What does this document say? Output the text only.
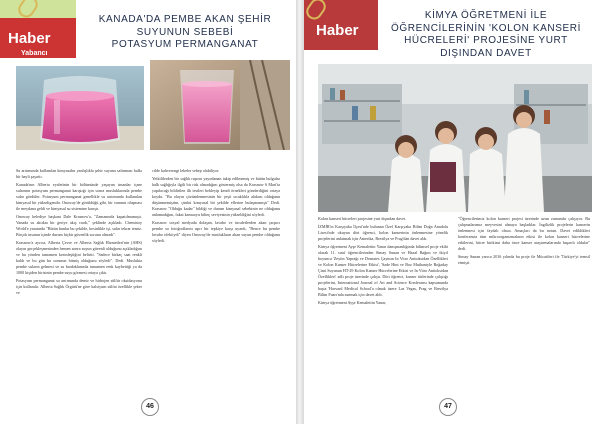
Haber
Yabancı
KANADA'DA PEMBE AKAN ŞEHİR
SUYUNUN SEBEBİ
POTASYUM PERMANGANAT

Su arıtımında kullanılan kimyasalın yanlışlıkla şehir suyuna salınması halkı bir hayli şaşırttı.

Kanada'nın Alberta eyaletinin bir bölümünde yaşayan insanlar içme sularının potasyum permanganat karıştığı için sonra musluklarında pembe sular gördüler. Potasyum permanganat genellikle su arıtımında kullanılan kimyasal bir yükseltgendir. Onoway'de görüldüğü gibi, bir vanının oluşması ile meydana geldi ve kimyasal su sistemine karıştı.

Onoway belediye başkanı Dale Krasnow'a, "Zamanında kapatılmamıştı. Vanada su aktıkta bir geriye akış vardı," şeklinde açıkladı. Chemistry World'e yanıtında "Bütün bunlar bu şekilde, kesinlikle işi, sular tekrar temiz. Birçok insanın içinde durum hiçbir güvenlik sorunu olmadı".

Krasnow'a ayrıca, Alberta Çevre ve Alberta Sağlık Hizmetleri'nin (AHS) olayın gerçekleşmesinden hemen sonra suyun güvenli olduğunu açıkladığını ve bu yönden tamamen kesinleştiğini belirtti. "Sadece birkaç saat renkli kaldı ve bu gün bu sorunun bitmiş olduğunu söyledi". Dedi. Muslukta pembe suların gelmesi ve su bardaklarında tamamen renk kaybettiği ya da 1000 kişiden birisinin pembe suyu görmesi ortaya çıktı.

Potasyum permanganat su arıtımında demir ve hidrojen sülfür oksidasyonu için kullanılır. Alberta Sağlık Örgütü'ne göre kalsiyum sülfat özellikle şeker ve

cilde kahverengi lekeler sebep olabiliyor.

Yetkililerden bir sağlık raporu yayınlanan takip edilmemiş ve bütün bulgular halk sağlığıyla ilgili bir risk olmadığını göstermiş olsa da Krasnow 6 Mart'ta yapılacağı bildirilen ilk testleri bekleyip kendi örnekleri gönderdiğini ortaya koydu. "Bu olayın çözümlenmesinin bir çeşit sıcaklıkla alakası olduğunu düşünmemiştim, çünkü kimyasal bir şekilde ellerine bulaşmamıştı" Dedi. Krasnow "Olduğu kadar" bildiği ve durum kimyasal sebebinin ne olduğunu anlamadığını, fakat kamuoyu bilinç seviyesinin yükseldiğini söyledi.

Krasnow sosyal medyada dolaşan, lavabo ve tuvaletlerden akan çarpıcı pembe su fotoğraflarını aşırı bir tepkiye karşı uyardı, "Bence bu pembe lavabo efektiydi" diyen Onoway'de muslukların akan suyun pembe olduğunu söyledi.

46
Haber
KİMYA ÖĞRETMENİ İLE
ÖĞRENCİLERİNİN 'KOLON KANSERİ
HÜCRELERİ' PROJESİNE YURT
DIŞINDAN DAVET

Kolon kanseri hücreleri projesine yurt dışından davet.

İZMİR'in Karşıyaka İlçesi'nde bulunan Özel Karşıyaka Bilim Doğa Anadolu Lisesi'nde okuyan dört öğrenci, kolon kanserinin önlenmesine yönelik projelerini anlatmak için Amerika, Brezilya ve Prag'dan davet aldı.

Kimya öğretmeni Ayşe Kemalettin Yanar danışmanlığında bilimsel proje ekibi olarak 11. sınıf öğrencilerinden Simay Sunan ve Hazal Bağım ve ikiyıl boyunca 'Zeytin Yaprağı ve Domates Çaymın In Vitro Antioksidan Özellikleri ve Kolon Kanser Hücrelerine Etkisi', 'Sade Hint ve Boz Muthaniyle Boğaday Çimi Suyunun HT-29 Kolon Kanser Hücrelerine Etkisi ve In Vitro Antioksidan Özellikleri' adlı proje üzerinde çalıştı. Dört öğrenci, kanser türlerinde çalıştığı projelerini, International Journal of Art and Science Konferansı kapsamında başta 'Harvard Medical School'a olmak üzere Las Vegas, Prag ve Brezilya Bilim Fuarı'nda sunmak için davet aldı.

Kimya öğretmeni Ayşe Kemalettin Yanar,

"Öğrencilerimiz kolon kanseri projesi üzerinde uzun zamandır çalışıyor. Bu çalışmalarımız meyvesini almaya başladılar. İngilizlik projelerin kanserin önlenmesi için faydalı olsun. Amaçları da bu notun. Davet edildikleri konferansta tüm mikroorganizmaların etkisi ile kolon kanseri hücrelerine etkilerini, hücre birikimi daha önce kanser araştırmalarında başarılı oldular" dedi.

Simay Sunan yarıca 2016 yılında bu proje ile Mücaitleri ile 'Türkiye'yi temsil etmişti.

47
